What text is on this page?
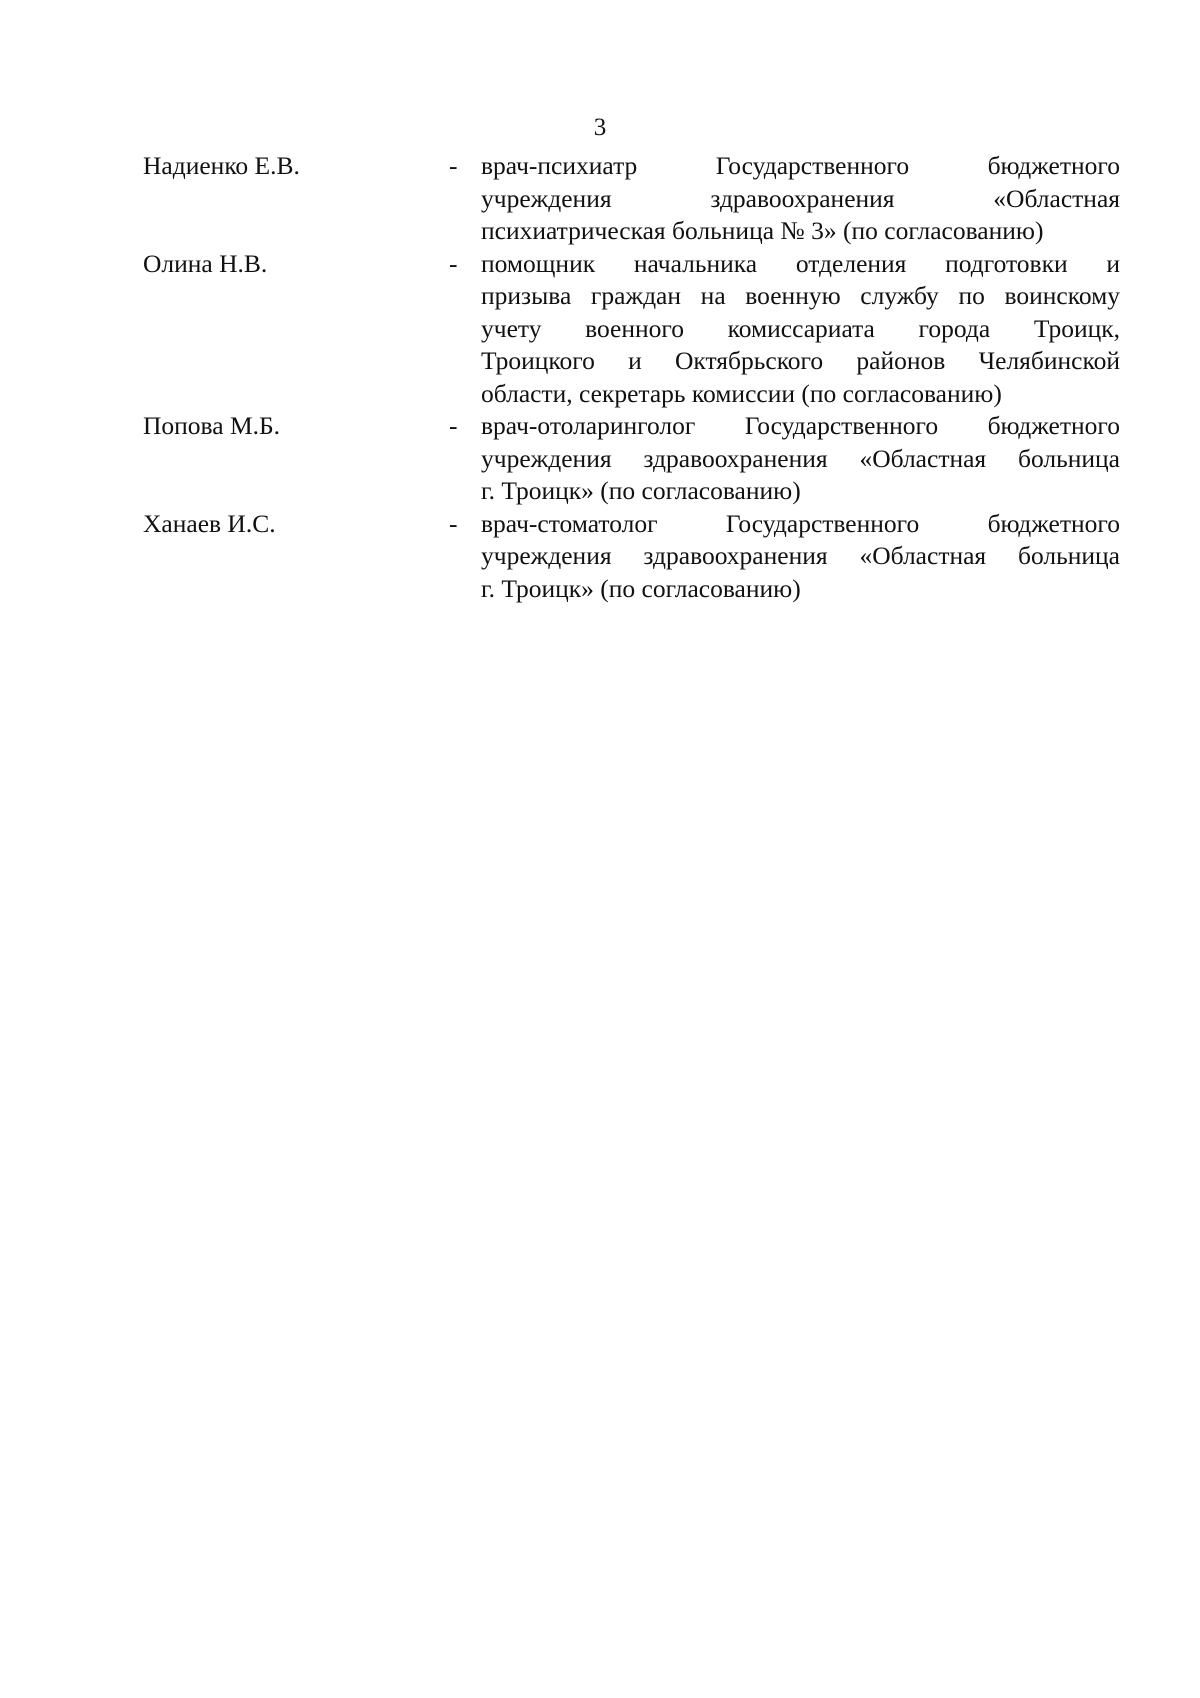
3
Надиенко Е.В.	- врач-психиатр Государственного бюджетного
учреждения здравоохранения «Областная
психиатрическая больница № 3» (по согласованию)
Олина Н.В.	- помощник начальника отделения подготовки и
призыва граждан на военную службу по воинскому
учету военного комиссариата города Троицк,
Троицкого и Октябрьского районов Челябинской
области, секретарь комиссии (по согласованию)
Попова М.Б.	- врач-отоларинголог Государственного бюджетного
учреждения здравоохранения «Областная больница
г. Троицк» (по согласованию)
Ханаев И.С.	- врач-стоматолог Государственного бюджетного
учреждения здравоохранения «Областная больница
г. Троицк» (по согласованию)
